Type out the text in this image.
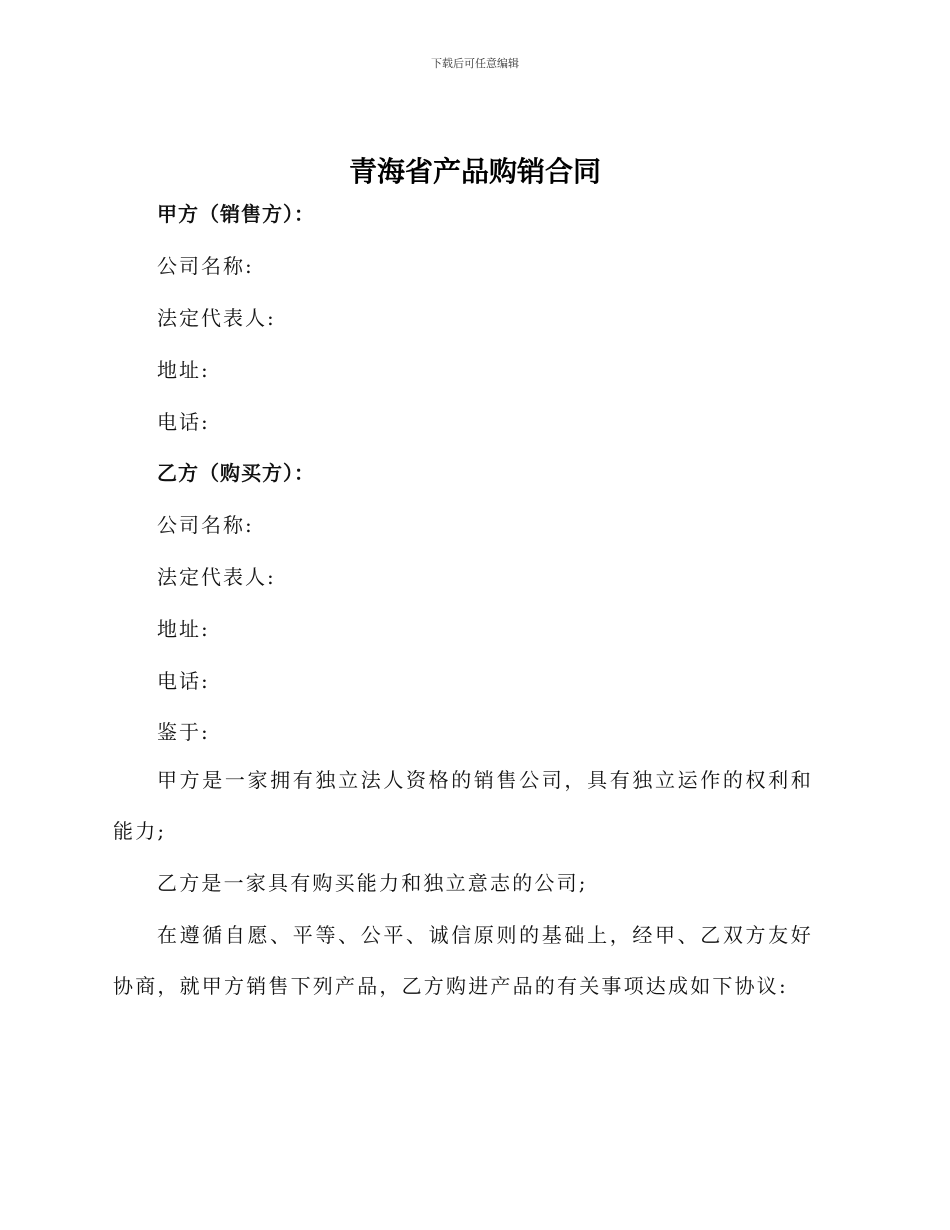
下载后可任意编辑
青海省产品购销合同
甲方（销售方）：
公司名称:
法定代表人:
地址:
电话:
乙方（购买方）：
公司名称:
法定代表人:
地址:
电话:
鉴于:
甲方是一家拥有独立法人资格的销售公司，具有独立运作的权利和能力;
乙方是一家具有购买能力和独立意志的公司;
在遵循自愿、平等、公平、诚信原则的基础上，经甲、乙双方友好协商，就甲方销售下列产品，乙方购进产品的有关事项达成如下协议:
